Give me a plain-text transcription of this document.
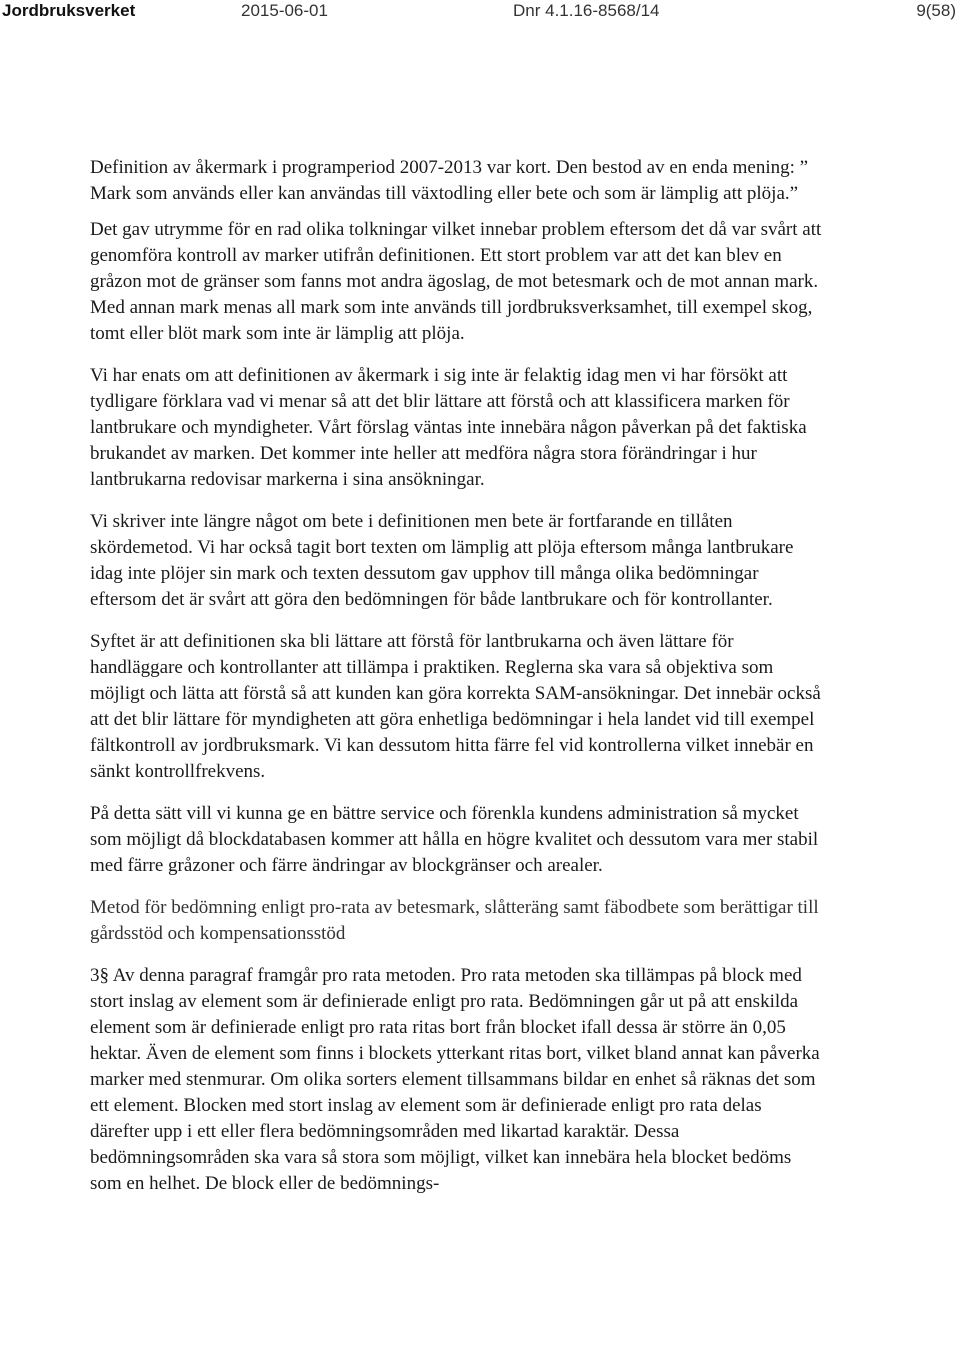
Jordbruksverket	2015-06-01	Dnr 4.1.16-8568/14	9(58)

Definition av åkermark i programperiod 2007-2013 var kort. Den bestod av en enda mening: ” Mark som används eller kan användas till växtodling eller bete och som är lämplig att plöja.”

Det gav utrymme för en rad olika tolkningar vilket innebar problem eftersom det då var svårt att genomföra kontroll av marker utifrån definitionen. Ett stort problem var att det kan blev en gråzon mot de gränser som fanns mot andra ägoslag, de mot betesmark och de mot annan mark. Med annan mark menas all mark som inte används till jordbruksverksamhet, till exempel skog, tomt eller blöt mark som inte är lämplig att plöja.

Vi har enats om att definitionen av åkermark i sig inte är felaktig idag men vi har försökt att tydligare förklara vad vi menar så att det blir lättare att förstå och att klassificera marken för lantbrukare och myndigheter. Vårt förslag väntas inte innebära någon påverkan på det faktiska brukandet av marken. Det kommer inte heller att medföra några stora förändringar i hur lantbrukarna redovisar markerna i sina ansökningar.

Vi skriver inte längre något om bete i definitionen men bete är fortfarande en tillåten skördemetod. Vi har också tagit bort texten om lämplig att plöja eftersom många lantbrukare idag inte plöjer sin mark och texten dessutom gav upphov till många olika bedömningar eftersom det är svårt att göra den bedömningen för både lantbrukare och för kontrollanter.

Syftet är att definitionen ska bli lättare att förstå för lantbrukarna och även lättare för handläggare och kontrollanter att tillämpa i praktiken. Reglerna ska vara så objektiva som möjligt och lätta att förstå så att kunden kan göra korrekta SAM-ansökningar. Det innebär också att det blir lättare för myndigheten att göra enhetliga bedömningar i hela landet vid till exempel fältkontroll av jordbruksmark. Vi kan dessutom hitta färre fel vid kontrollerna vilket innebär en sänkt kontrollfrekvens.

På detta sätt vill vi kunna ge en bättre service och förenkla kundens administration så mycket som möjligt då blockdatabasen kommer att hålla en högre kvalitet och dessutom vara mer stabil med färre gråzoner och färre ändringar av blockgränser och arealer.

Metod för bedömning enligt pro-rata av betesmark, slåtteräng samt fäbodbete som berättigar till gårdsstöd och kompensationsstöd

3§ Av denna paragraf framgår pro rata metoden. Pro rata metoden ska tillämpas på block med stort inslag av element som är definierade enligt pro rata. Bedömningen går ut på att enskilda element som är definierade enligt pro rata ritas bort från blocket ifall dessa är större än 0,05 hektar. Även de element som finns i blockets ytterkant ritas bort, vilket bland annat kan påverka marker med stenmurar. Om olika sorters element tillsammans bildar en enhet så räknas det som ett element. Blocken med stort inslag av element som är definierade enligt pro rata delas därefter upp i ett eller flera bedömningsområden med likartad karaktär. Dessa bedömningsområden ska vara så stora som möjligt, vilket kan innebära hela blocket bedöms som en helhet. De block eller de bedömnings-
